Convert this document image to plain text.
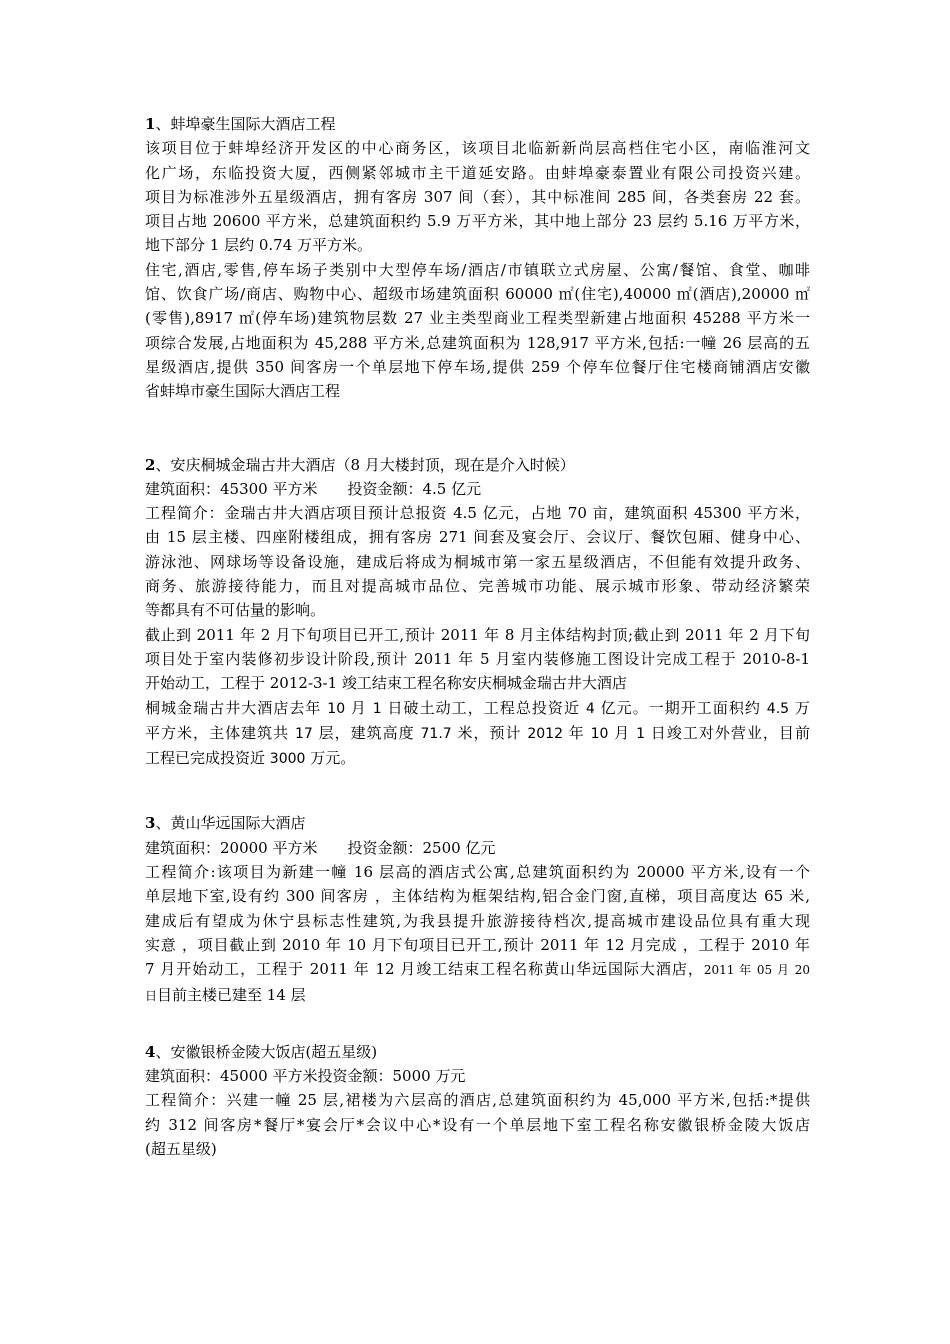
1、蚌埠豪生国际大酒店工程
该项目位于蚌埠经济开发区的中心商务区，该项目北临新新尚层高档住宅小区，南临淮河文
化广场，东临投资大厦，西侧紧邻城市主干道延安路。由蚌埠豪泰置业有限公司投资兴建。
项目为标准涉外五星级酒店，拥有客房 307 间（套），其中标准间 285 间，各类套房 22 套。
项目占地 20600 平方米，总建筑面积约 5.9 万平方米，其中地上部分 23 层约 5.16 万平方米，
地下部分 1 层约 0.74 万平方米。
住宅,酒店,零售,停车场子类别中大型停车场/酒店/市镇联立式房屋、公寓/餐馆、食堂、咖啡
馆、饮食广场/商店、购物中心、超级市场建筑面积 60000 ㎡(住宅),40000 ㎡(酒店),20000 ㎡
(零售),8917 ㎡(停车场)建筑物层数 27 业主类型商业工程类型新建占地面积 45288 平方米一
项综合发展,占地面积为 45,288 平方米,总建筑面积为 128,917 平方米,包括:一幢 26 层高的五
星级酒店,提供 350 间客房一个单层地下停车场,提供 259 个停车位餐厅住宅楼商铺酒店安徽
省蚌埠市豪生国际大酒店工程
2、安庆桐城金瑞古井大酒店（8 月大楼封顶，现在是介入时候）
建筑面积：45300 平方米　　投资金额：4.5 亿元
工程简介：金瑞古井大酒店项目预计总报资 4.5 亿元，占地 70 亩，建筑面积 45300 平方米，
由 15 层主楼、四座附楼组成，拥有客房 271 间套及宴会厅、会议厅、餐饮包厢、健身中心、
游泳池、网球场等设备设施，建成后将成为桐城市第一家五星级酒店，不但能有效提升政务、
商务、旅游接待能力，而且对提高城市品位、完善城市功能、展示城市形象、带动经济繁荣
等都具有不可估量的影响。
截止到 2011 年 2 月下旬项目已开工,预计 2011 年 8 月主体结构封顶;截止到 2011 年 2 月下旬
项目处于室内装修初步设计阶段,预计 2011 年 5 月室内装修施工图设计完成工程于 2010-8-1
开始动工，工程于 2012-3-1 竣工结束工程名称安庆桐城金瑞古井大酒店
桐城金瑞古井大酒店去年 10 月 1 日破土动工，工程总投资近 4 亿元。一期开工面积约 4.5 万
平方米，主体建筑共 17 层，建筑高度 71.7 米，预计 2012 年 10 月 1 日竣工对外营业，目前
工程已完成投资近 3000 万元。
3、黄山华远国际大酒店
建筑面积：20000 平方米　　投资金额：2500 亿元
工程简介:该项目为新建一幢 16 层高的酒店式公寓,总建筑面积约为 20000 平方米,设有一个
单层地下室,设有约 300 间客房 ，主体结构为框架结构,铝合金门窗,直梯，项目高度达 65 米,
建成后有望成为休宁县标志性建筑,为我县提升旅游接待档次,提高城市建设品位具有重大现
实意 ，项目截止到 2010 年 10 月下旬项目已开工,预计 2011 年 12 月完成 ，工程于 2010 年
7 月开始动工，工程于 2011 年 12 月竣工结束工程名称黄山华远国际大酒店，2011 年 05 月 20
日目前主楼已建至 14 层
4、安徽银桥金陵大饭店(超五星级)
建筑面积：45000 平方米投资金额：5000 万元
工程简介：兴建一幢 25 层,裙楼为六层高的酒店,总建筑面积约为 45,000 平方米,包括:*提供
约 312 间客房*餐厅*宴会厅*会议中心*设有一个单层地下室工程名称安徽银桥金陵大饭店
(超五星级)
